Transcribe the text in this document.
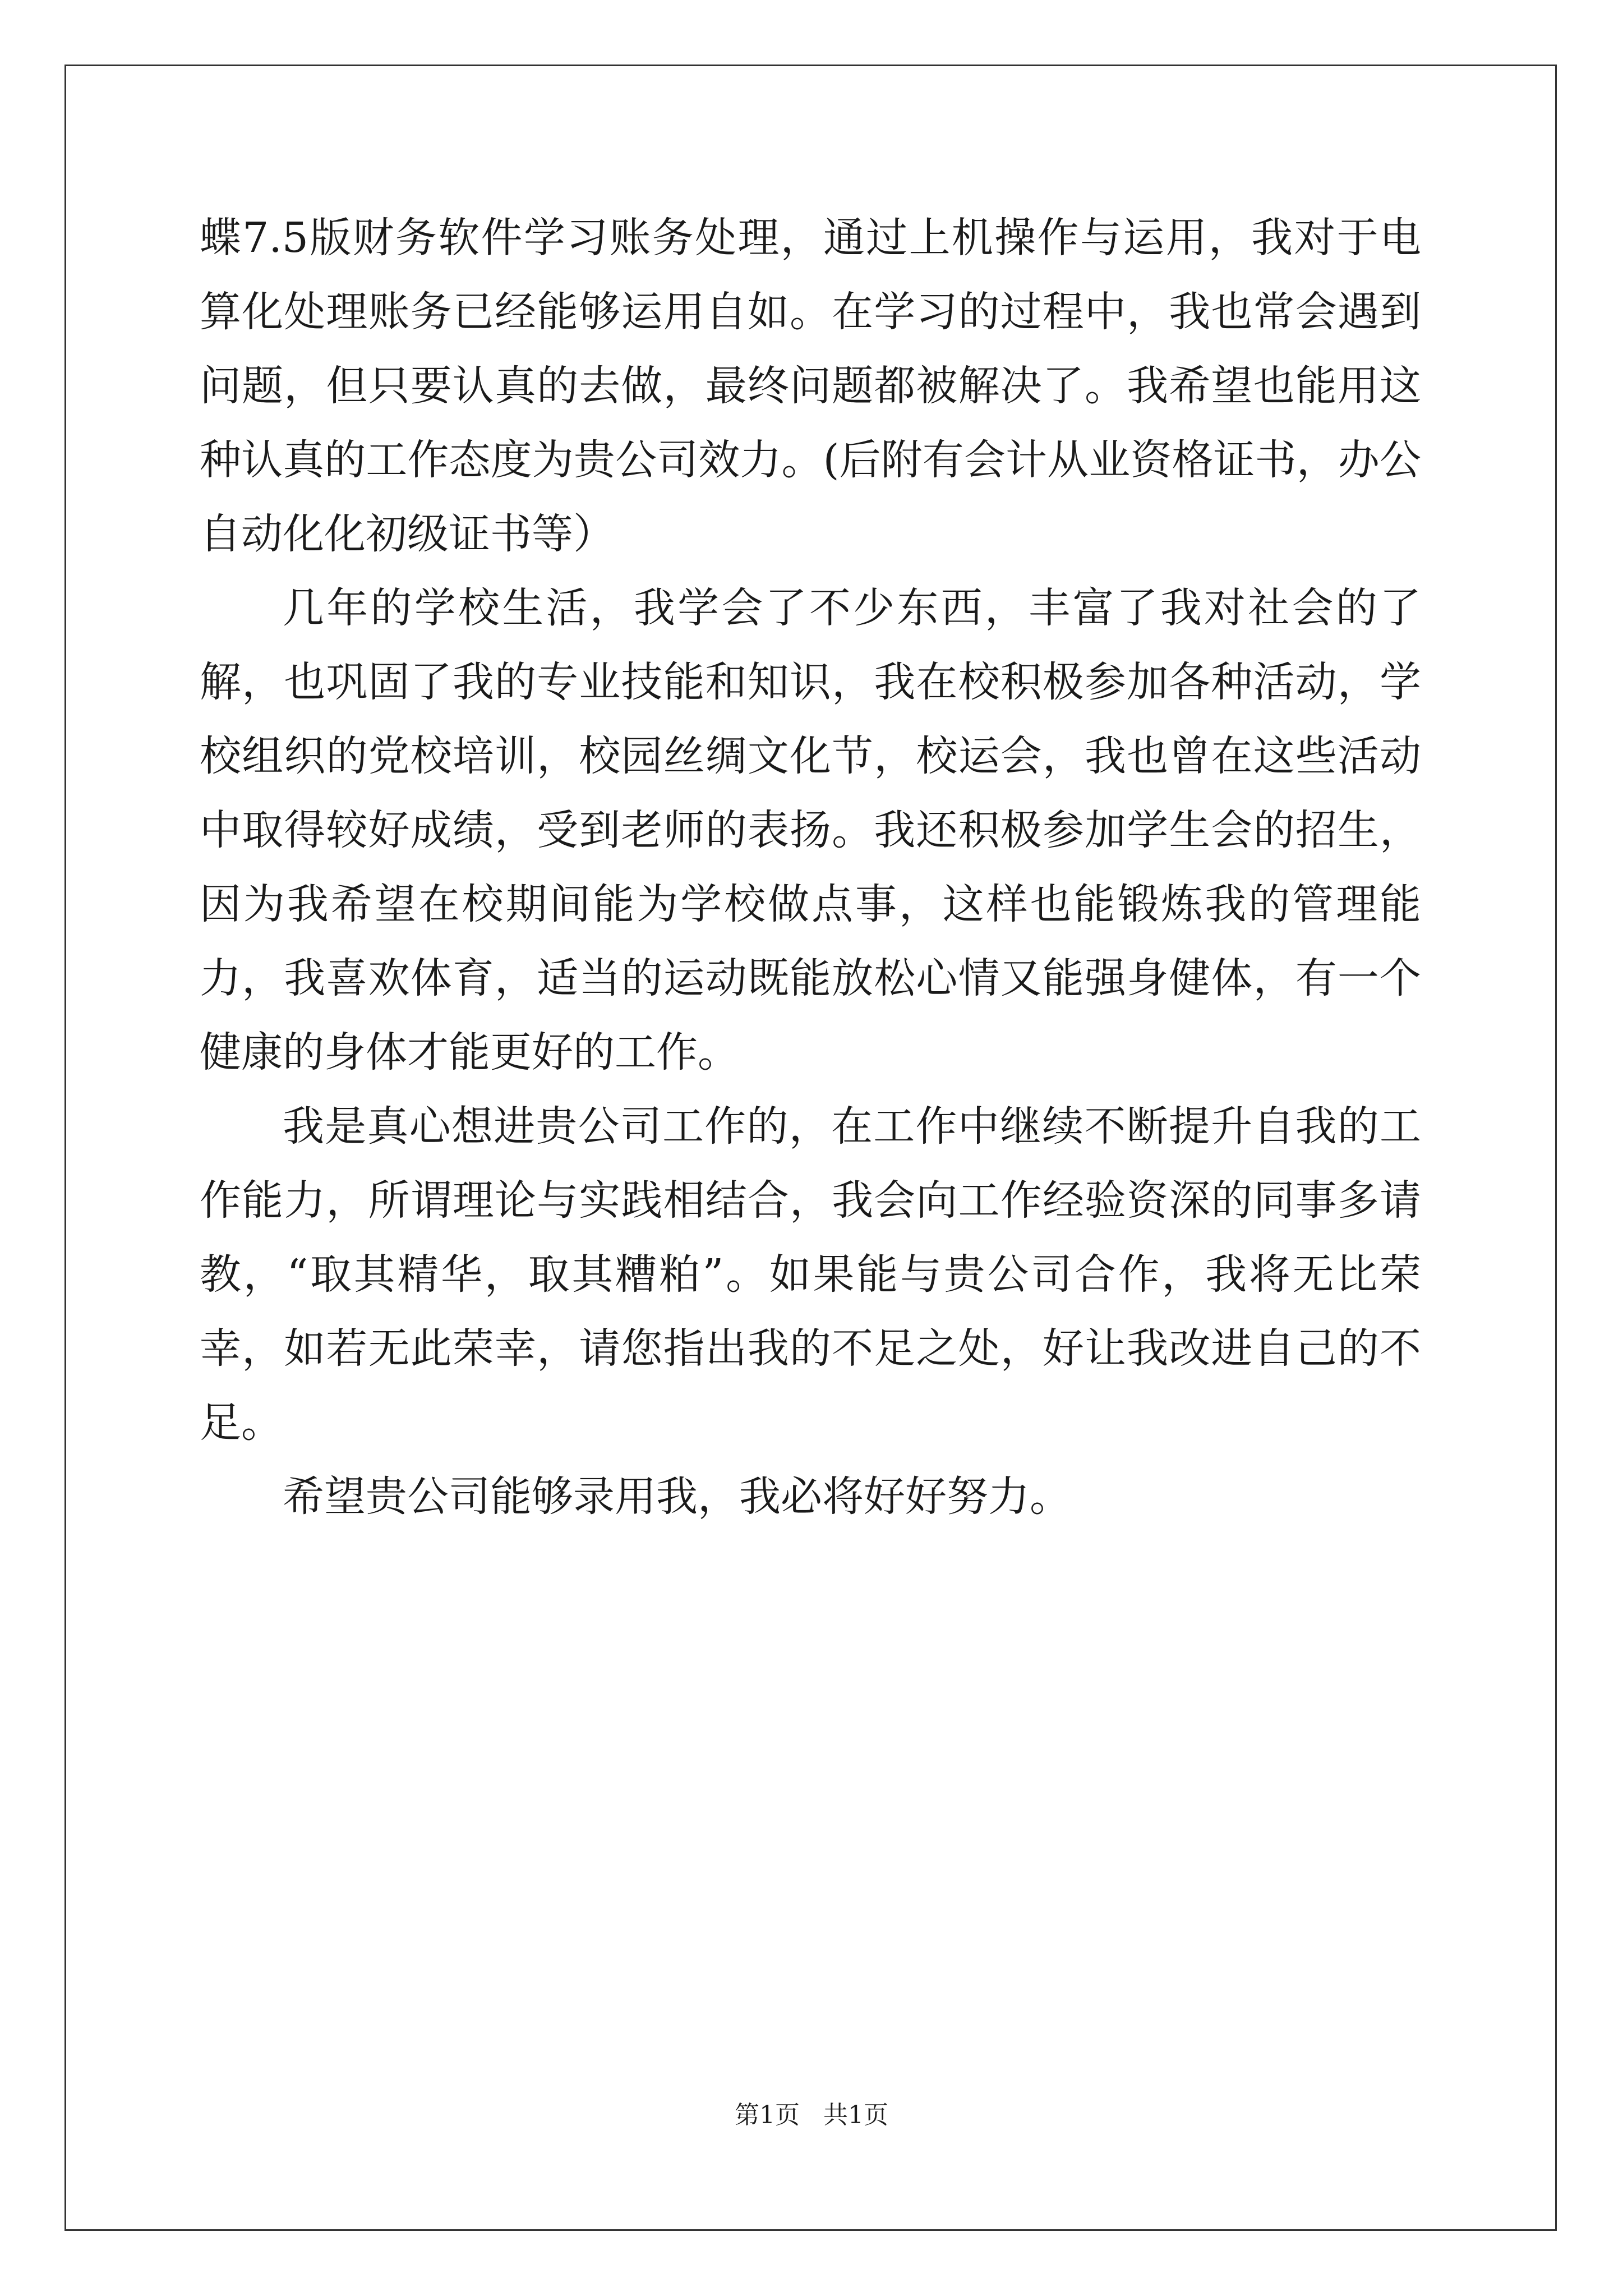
蝶7.5版财务软件学习账务处理，通过上机操作与运用，我对于电算化处理账务已经能够运用自如。在学习的过程中，我也常会遇到问题，但只要认真的去做，最终问题都被解决了。我希望也能用这种认真的工作态度为贵公司效力。(后附有会计从业资格证书，办公自动化化初级证书等）

几年的学校生活，我学会了不少东西，丰富了我对社会的了解，也巩固了我的专业技能和知识，我在校积极参加各种活动，学校组织的党校培训，校园丝绸文化节，校运会，我也曾在这些活动中取得较好成绩，受到老师的表扬。我还积极参加学生会的招生，因为我希望在校期间能为学校做点事，这样也能锻炼我的管理能力，我喜欢体育，适当的运动既能放松心情又能强身健体，有一个健康的身体才能更好的工作。

我是真心想进贵公司工作的，在工作中继续不断提升自我的工作能力，所谓理论与实践相结合，我会向工作经验资深的同事多请教，“取其精华，取其糟粕”。如果能与贵公司合作，我将无比荣幸，如若无此荣幸，请您指出我的不足之处，好让我改进自己的不足。

希望贵公司能够录用我，我必将好好努力。

第1页   共1页
